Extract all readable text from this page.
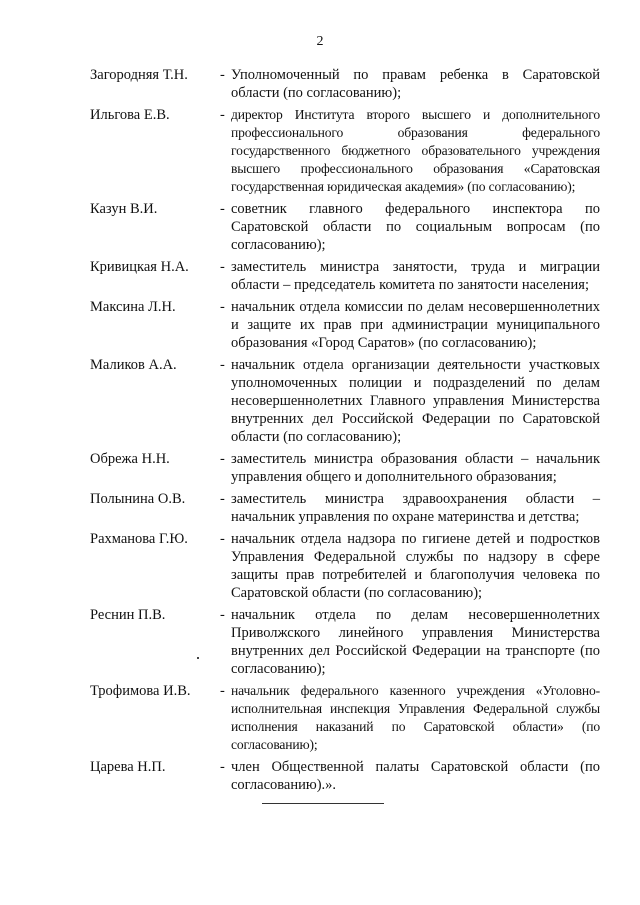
2
Загородняя Т.Н.	- Уполномоченный по правам ребенка в Саратовской области (по согласованию);
Ильгова Е.В.	- директор Института второго высшего и дополнительного профессионального образования федерального государственного бюджетного образовательного учреждения высшего профессионального образования «Саратовская государственная юридическая академия» (по согласованию);
Казун В.И.	- советник главного федерального инспектора по Саратовской области по социальным вопросам (по согласованию);
Кривицкая Н.А.	- заместитель министра занятости, труда и миграции области – председатель комитета по занятости населения;
Максина Л.Н.	- начальник отдела комиссии по делам несовершеннолетних и защите их прав при администрации муниципального образования «Город Саратов» (по согласованию);
Маликов А.А.	- начальник отдела организации деятельности участковых уполномоченных полиции и подразделений по делам несовершеннолетних Главного управления Министерства внутренних дел Российской Федерации по Саратовской области (по согласованию);
Обрежа Н.Н.	- заместитель министра образования области – начальник управления общего и дополнительного образования;
Полынина О.В.	- заместитель министра здравоохранения области – начальник управления по охране материнства и детства;
Рахманова Г.Ю.	- начальник отдела надзора по гигиене детей и подростков Управления Федеральной службы по надзору в сфере защиты прав потребителей и благополучия человека по Саратовской области (по согласованию);
Реснин П.В.	- начальник отдела по делам несовершеннолетних Приволжского линейного управления Министерства внутренних дел Российской Федерации на транспорте (по согласованию);
Трофимова И.В.	- начальник федерального казенного учреждения «Уголовно-исполнительная инспекция Управления Федеральной службы исполнения наказаний по Саратовской области» (по согласованию);
Царева Н.П.	- член Общественной палаты Саратовской области (по согласованию).».
